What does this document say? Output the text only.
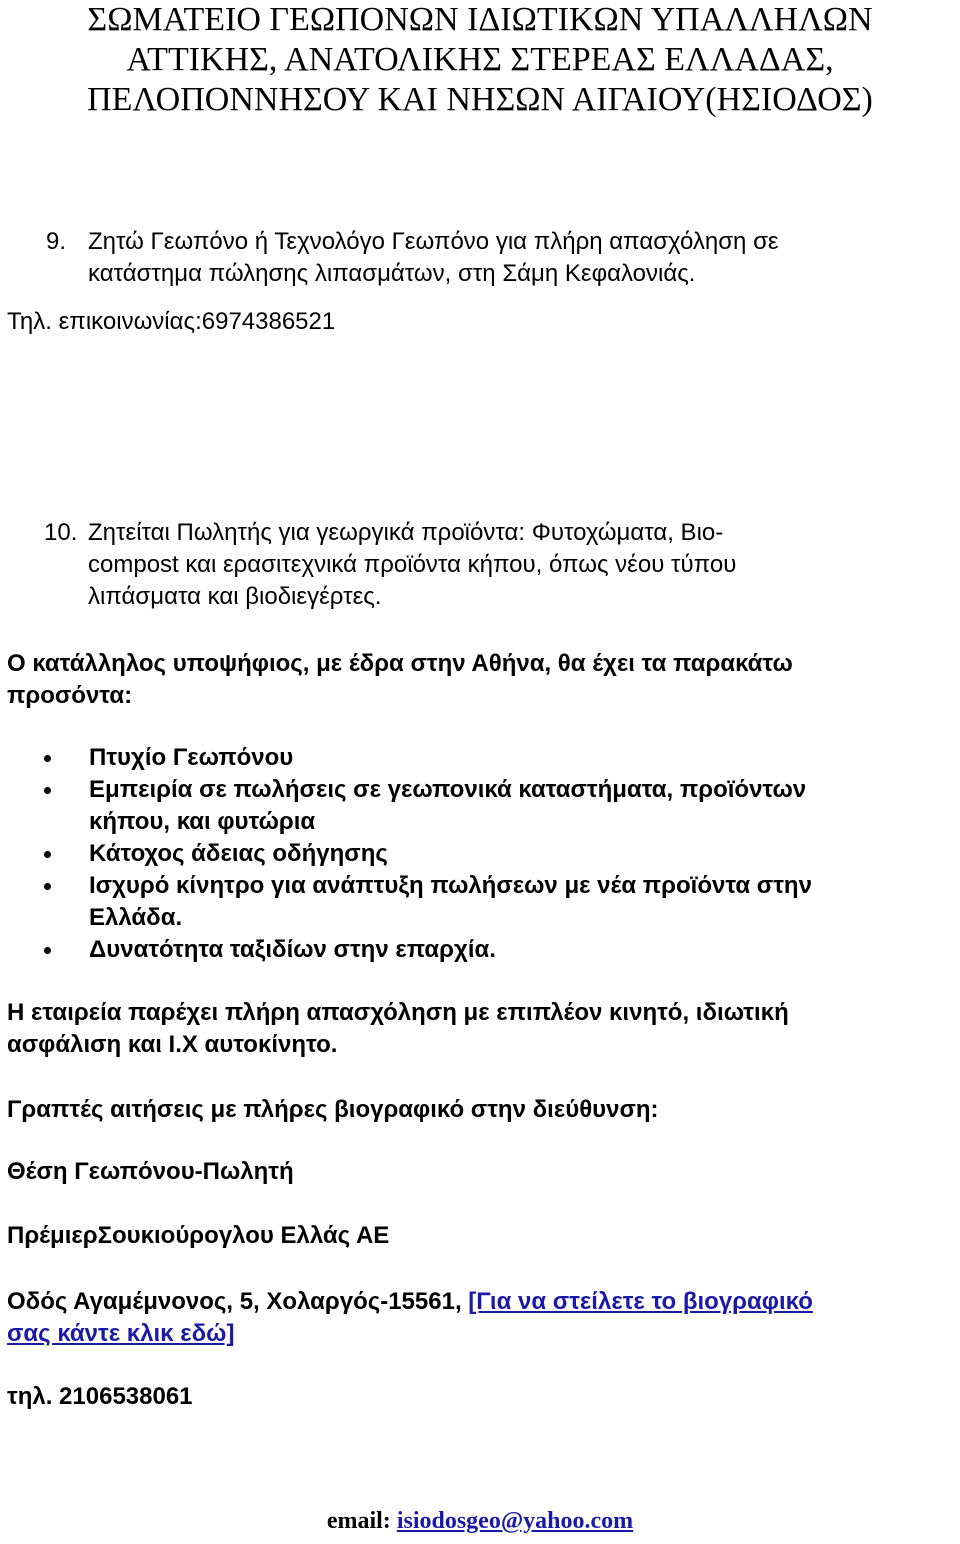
ΣΩΜΑΤΕΙΟ ΓΕΩΠΟΝΩΝ ΙΔΙΩΤΙΚΩΝ ΥΠΑΛΛΗΛΩΝ
ΑΤΤΙΚΗΣ, ΑΝΑΤΟΛΙΚΗΣ ΣΤΕΡΕΑΣ ΕΛΛΑΔΑΣ,
ΠΕΛΟΠΟΝΝΗΣΟΥ ΚΑΙ ΝΗΣΩΝ ΑΙΓΑΙΟΥ(ΗΣΙΟΔΟΣ)
9. Ζητώ Γεωπόνο ή Τεχνολόγο Γεωπόνο για πλήρη απασχόληση σε
κατάστημα πώλησης λιπασμάτων, στη Σάμη Κεφαλονιάς.
Τηλ. επικοινωνίας:6974386521
10. Ζητείται Πωλητής για γεωργικά προϊόντα: Φυτοχώματα, Βιο-
compost και ερασιτεχνικά προϊόντα κήπου, όπως νέου τύπου
λιπάσματα και βιοδιεγέρτες.
Ο κατάλληλος υποψήφιος, με έδρα στην Αθήνα, θα έχει τα παρακάτω
προσόντα:
Πτυχίο Γεωπόνου
Εμπειρία σε πωλήσεις σε γεωπονικά καταστήματα, προϊόντων
κήπου, και φυτώρια
Κάτοχος άδειας οδήγησης
Ισχυρό κίνητρο για ανάπτυξη πωλήσεων με νέα προϊόντα στην
Ελλάδα.
Δυνατότητα ταξιδίων στην επαρχία.
Η εταιρεία παρέχει πλήρη απασχόληση με επιπλέον κινητό, ιδιωτική
ασφάλιση και Ι.Χ αυτοκίνητο.
Γραπτές αιτήσεις με πλήρες βιογραφικό στην διεύθυνση:
Θέση Γεωπόνου-Πωλητή
ΠρέμιερΣουκιούρογλου Ελλάς ΑΕ
Οδός Αγαμέμνονος, 5, Χολαργός-15561, [Για να στείλετε το βιογραφικό
σας κάντε κλικ εδώ]
τηλ. 2106538061
email: isiodosgeo@yahoo.com
